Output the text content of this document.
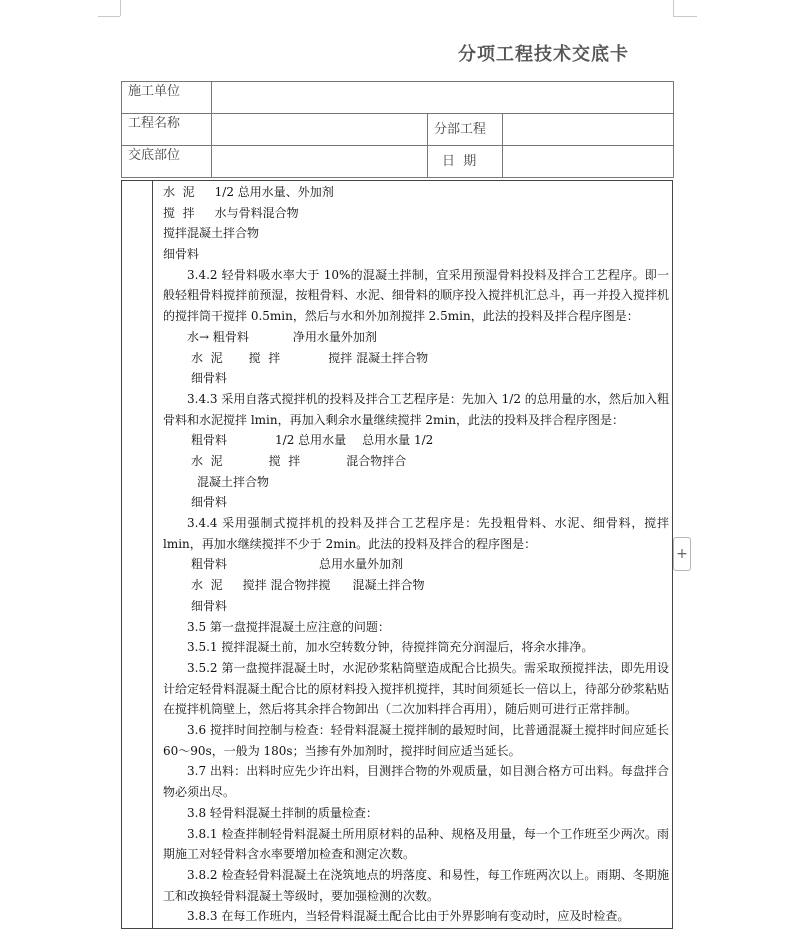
分项工程技术交底卡
施工单位			
工程名称		分部工程	
交底部位		日  期	
水  泥 1/2 总用水量、外加剂
搅  拌 水与骨料混合物
搅拌混凝土拌合物
细骨料
3.4.2 轻骨料吸水率大于 10%的混凝土拌制，宜采用预湿骨料投料及拌合工艺程序。即一般轻粗骨料搅拌前预湿，按粗骨料、水泥、细骨料的顺序投入搅拌机汇总斗，再一并投入搅拌机的搅拌筒干搅拌 0.5min，然后与水和外加剂搅拌 2.5min，此法的投料及拌合程序图是：
水→ 粗骨料	净用水量外加剂
水  泥 搅  拌	搅拌 混凝土拌合物
细骨料
3.4.3 采用自落式搅拌机的投料及拌合工艺程序是：先加入 1/2 的总用量的水，然后加入粗骨料和水泥搅拌 lmin，再加入剩余水量继续搅拌 2min，此法的投料及拌合程序图是：
粗骨料	1/2 总用水量 总用水量 1/2
水  泥	搅  拌	混合物拌合
混凝土拌合物
细骨料
3.4.4 采用强制式搅拌机的投料及拌合工艺程序是：先投粗骨料、水泥、细骨料，搅拌 lmin，再加水继续搅拌不少于 2min。此法的投料及拌合的程序图是：
粗骨料	总用水量外加剂
水  泥 搅拌 混合物拌搅 混凝土拌合物
细骨料
3.5 第一盘搅拌混凝土应注意的问题：
3.5.1 搅拌混凝土前，加水空转数分钟，待搅拌筒充分润湿后，将余水排净。
3.5.2 第一盘搅拌混凝土时，水泥砂浆粘筒壁造成配合比损失。需采取预搅拌法，即先用设计给定轻骨料混凝土配合比的原材料投入搅拌机搅拌，其时间须延长一倍以上，待部分砂浆粘贴在搅拌机筒壁上，然后将其余拌合物卸出（二次加料拌合再用），随后则可进行正常拌制。
3.6 搅拌时间控制与检查：轻骨料混凝土搅拌制的最短时间，比普通混凝土搅拌时间应延长 60～90s，一般为 180s；当掺有外加剂时，搅拌时间应适当延长。
3.7 出料：出料时应先少许出料，目测拌合物的外观质量，如目测合格方可出料。每盘拌合物必须出尽。
3.8 轻骨料混凝土拌制的质量检查：
3.8.1 检查拌制轻骨料混凝土所用原材料的品种、规格及用量，每一个工作班至少两次。雨期施工对轻骨料含水率要增加检查和测定次数。
3.8.2 检查轻骨料混凝土在浇筑地点的坍落度、和易性，每工作班两次以上。雨期、冬期施工和改换轻骨料混凝土等级时，要加强检测的次数。
3.8.3 在每工作班内，当轻骨料混凝土配合比由于外界影响有变动时，应及时检查。
+
